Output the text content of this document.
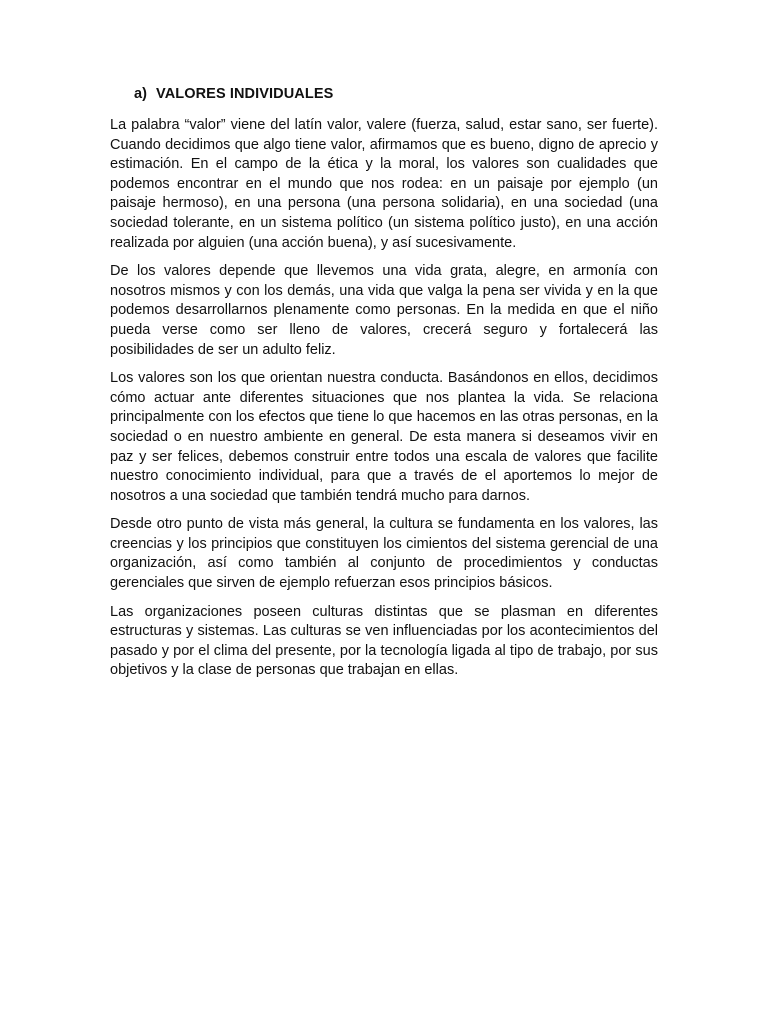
a) VALORES INDIVIDUALES

La palabra “valor” viene del latín valor, valere (fuerza, salud, estar sano, ser fuerte). Cuando decidimos que algo tiene valor, afirmamos que es bueno, digno de aprecio y estimación. En el campo de la ética y la moral, los valores son cualidades que podemos encontrar en el mundo que nos rodea: en un paisaje por ejemplo (un paisaje hermoso), en una persona (una persona solidaria), en una sociedad (una sociedad tolerante, en un sistema político (un sistema político justo), en una acción realizada por alguien (una acción buena), y así sucesivamente.

De los valores depende que llevemos una vida grata, alegre, en armonía con nosotros mismos y con los demás, una vida que valga la pena ser vivida y en la que podemos desarrollarnos plenamente como personas. En la medida en que el niño pueda verse como ser lleno de valores, crecerá seguro y fortalecerá las posibilidades de ser un adulto feliz.

Los valores son los que orientan nuestra conducta. Basándonos en ellos, decidimos cómo actuar ante diferentes situaciones que nos plantea la vida. Se relaciona principalmente con los efectos que tiene lo que hacemos en las otras personas, en la sociedad o en nuestro ambiente en general. De esta manera si deseamos vivir en paz y ser felices, debemos construir entre todos una escala de valores que facilite nuestro conocimiento individual, para que a través de el aportemos lo mejor de nosotros a una sociedad que también tendrá mucho para darnos.

Desde otro punto de vista más general, la cultura se fundamenta en los valores, las creencias y los principios que constituyen los cimientos del sistema gerencial de una organización, así como también al conjunto de procedimientos y conductas gerenciales que sirven de ejemplo refuerzan esos principios básicos.

Las organizaciones poseen culturas distintas que se plasman en diferentes estructuras y sistemas. Las culturas se ven influenciadas por los acontecimientos del pasado y por el clima del presente, por la tecnología ligada al tipo de trabajo, por sus objetivos y la clase de personas que trabajan en ellas.
